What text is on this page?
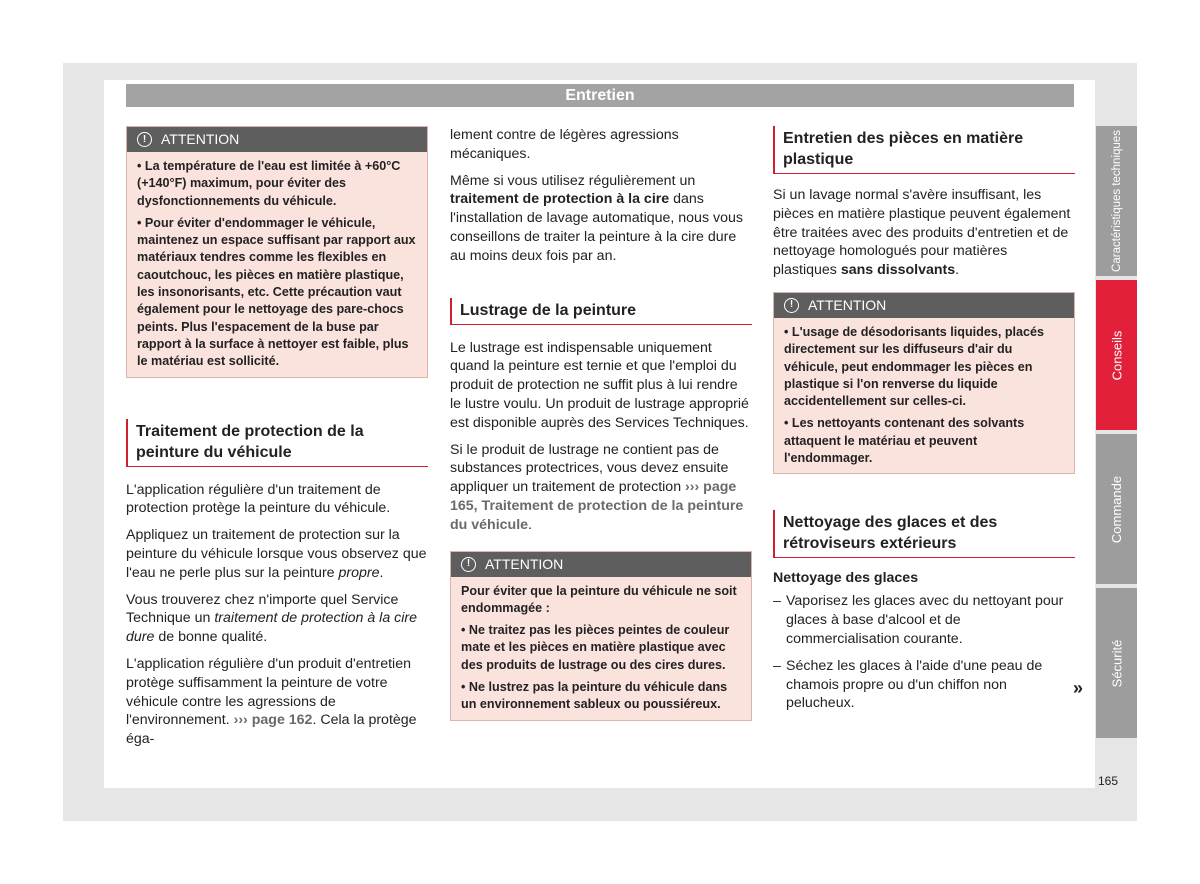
Entretien
!	ATTENTION

• La température de l'eau est limitée à +60°C (+140°F) maximum, pour éviter des dysfonctionnements du véhicule.

• Pour éviter d'endommager le véhicule, maintenez un espace suffisant par rapport aux matériaux tendres comme les flexibles en caoutchouc, les pièces en matière plastique, les insonorisants, etc. Cette précaution vaut également pour le nettoyage des pare-chocs peints. Plus l'espacement de la buse par rapport à la surface à nettoyer est faible, plus le matériau est sollicité.

Traitement de protection de la peinture du véhicule

L'application régulière d'un traitement de protection protège la peinture du véhicule.

Appliquez un traitement de protection sur la peinture du véhicule lorsque vous observez que l'eau ne perle plus sur la peinture propre.

Vous trouverez chez n'importe quel Service Technique un traitement de protection à la cire dure de bonne qualité.

L'application régulière d'un produit d'entretien protège suffisamment la peinture de votre véhicule contre les agressions de l'environnement. ››› page 162. Cela la protège éga-

lement contre de légères agressions mécaniques.

Même si vous utilisez régulièrement un traitement de protection à la cire dans l'installation de lavage automatique, nous vous conseillons de traiter la peinture à la cire dure au moins deux fois par an.

Lustrage de la peinture

Le lustrage est indispensable uniquement quand la peinture est ternie et que l'emploi du produit de protection ne suffit plus à lui rendre le lustre voulu. Un produit de lustrage approprié est disponible auprès des Services Techniques.

Si le produit de lustrage ne contient pas de substances protectrices, vous devez ensuite appliquer un traitement de protection ››› page 165, Traitement de protection de la peinture du véhicule.

!	ATTENTION

Pour éviter que la peinture du véhicule ne soit endommagée :

• Ne traitez pas les pièces peintes de couleur mate et les pièces en matière plastique avec des produits de lustrage ou des cires dures.

• Ne lustrez pas la peinture du véhicule dans un environnement sableux ou poussiéreux.

Entretien des pièces en matière plastique

Si un lavage normal s'avère insuffisant, les pièces en matière plastique peuvent également être traitées avec des produits d'entretien et de nettoyage homologués pour matières plastiques sans dissolvants.

!	ATTENTION

• L'usage de désodorisants liquides, placés directement sur les diffuseurs d'air du véhicule, peut endommager les pièces en plastique si l'on renverse du liquide accidentellement sur celles-ci.

• Les nettoyants contenant des solvants attaquent le matériau et peuvent l'endommager.

Nettoyage des glaces et des rétroviseurs extérieurs
Nettoyage des glaces
– Vaporisez les glaces avec du nettoyant pour glaces à base d'alcool et de commercialisation courante.
– Séchez les glaces à l'aide d'une peau de chamois propre ou d'un chiffon non pelucheux.
»
Caractéristiques techniques
Conseils
Commande
Sécurité
165
